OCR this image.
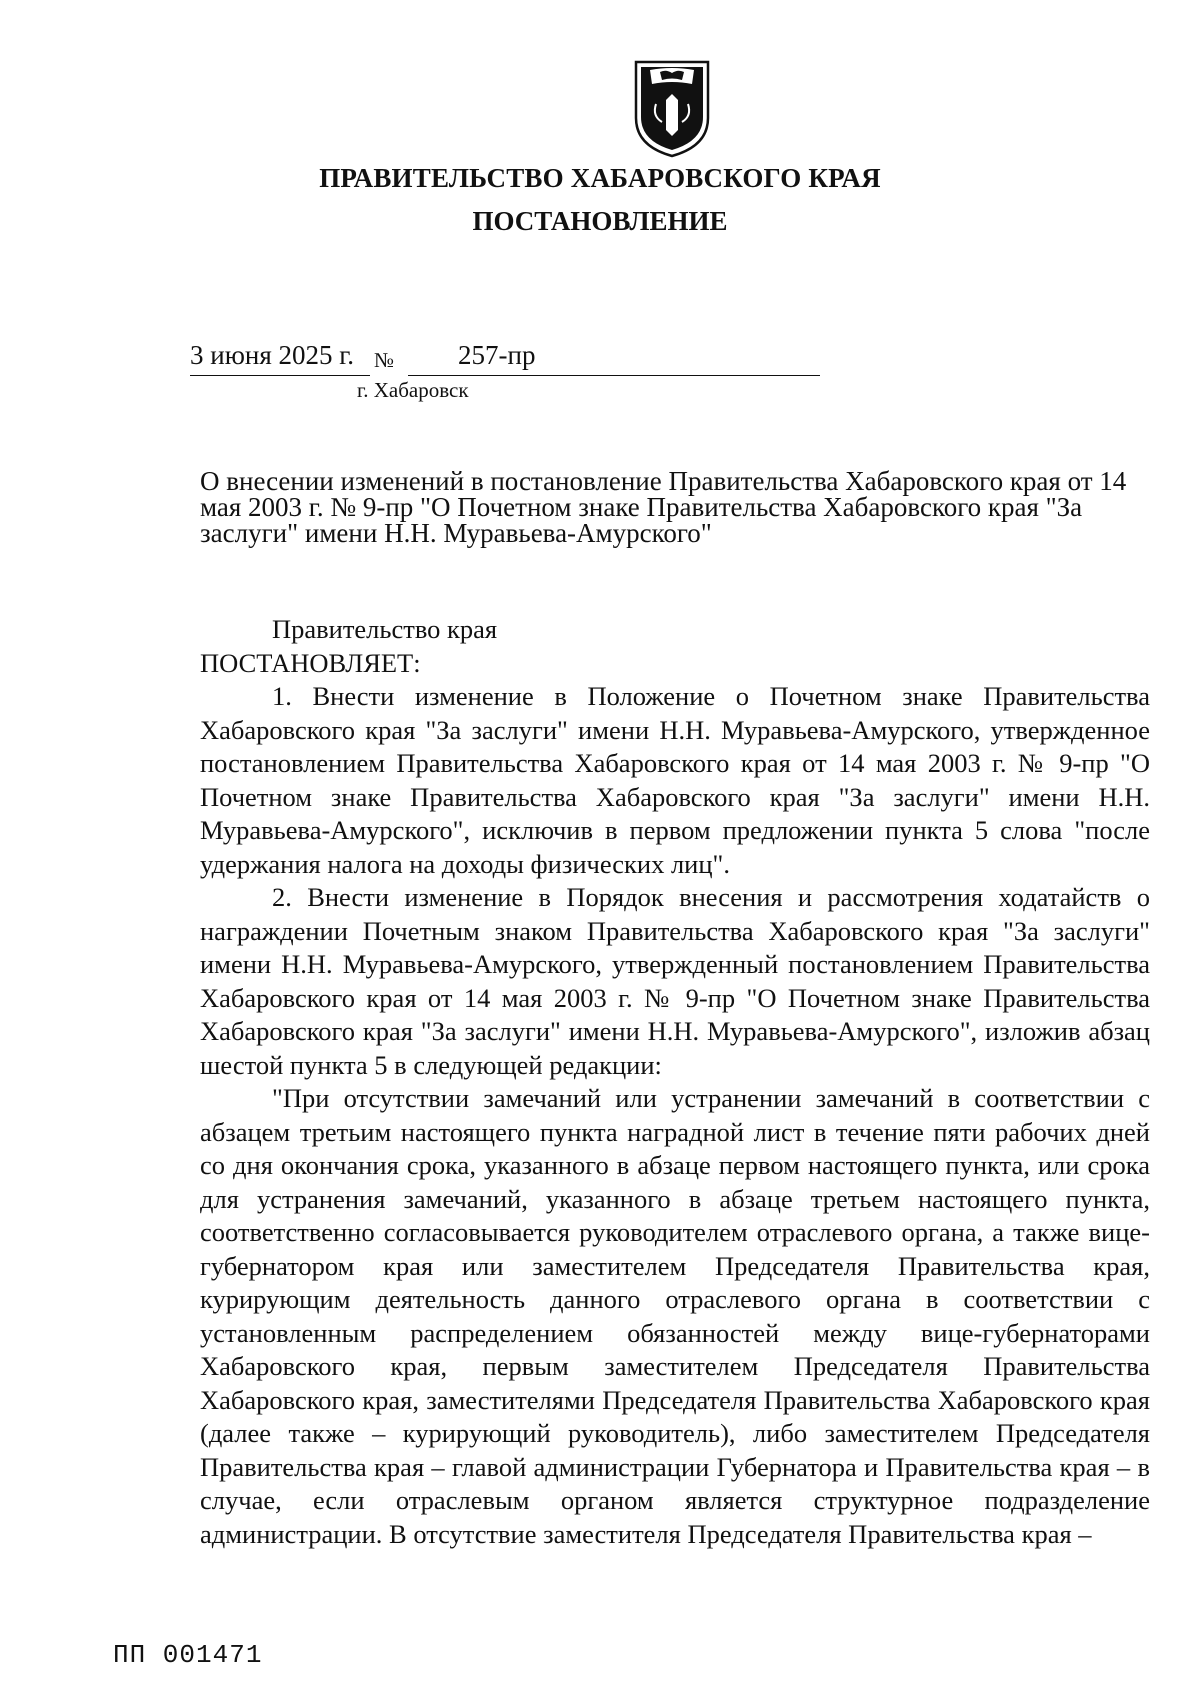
ПРАВИТЕЛЬСТВО ХАБАРОВСКОГО КРАЯ
ПОСТАНОВЛЕНИЕ
3 июня 2025 г. № 257-пр
г. Хабаровск
О внесении изменений в постановление Правительства Хабаровского края от 14 мая 2003 г. № 9-пр "О Почетном знаке Правительства Хабаровского края "За заслуги" имени Н.Н. Муравьева-Амурского"

Правительство края

ПОСТАНОВЛЯЕТ:

1. Внести изменение в Положение о Почетном знаке Правительства Хабаровского края "За заслуги" имени Н.Н. Муравьева-Амурского, утвержденное постановлением Правительства Хабаровского края от 14 мая 2003 г. № 9-пр "О Почетном знаке Правительства Хабаровского края "За заслуги" имени Н.Н. Муравьева-Амурского", исключив в первом предложении пункта 5 слова "после удержания налога на доходы физических лиц".

2. Внести изменение в Порядок внесения и рассмотрения ходатайств о награждении Почетным знаком Правительства Хабаровского края "За заслуги" имени Н.Н. Муравьева-Амурского, утвержденный постановлением Правительства Хабаровского края от 14 мая 2003 г. № 9-пр "О Почетном знаке Правительства Хабаровского края "За заслуги" имени Н.Н. Муравьева-Амурского", изложив абзац шестой пункта 5 в следующей редакции:

"При отсутствии замечаний или устранении замечаний в соответствии с абзацем третьим настоящего пункта наградной лист в течение пяти рабочих дней со дня окончания срока, указанного в абзаце первом настоящего пункта, или срока для устранения замечаний, указанного в абзаце третьем настоящего пункта, соответственно согласовывается руководителем отраслевого органа, а также вице-губернатором края или заместителем Председателя Правительства края, курирующим деятельность данного отраслевого органа в соответствии с установленным распределением обязанностей между вице-губернаторами Хабаровского края, первым заместителем Председателя Правительства Хабаровского края, заместителями Председателя Правительства Хабаровского края (далее также – курирующий руководитель), либо заместителем Председателя Правительства края – главой администрации Губернатора и Правительства края – в случае, если отраслевым органом является структурное подразделение администрации. В отсутствие заместителя Председателя Правительства края –

ПП 001471
